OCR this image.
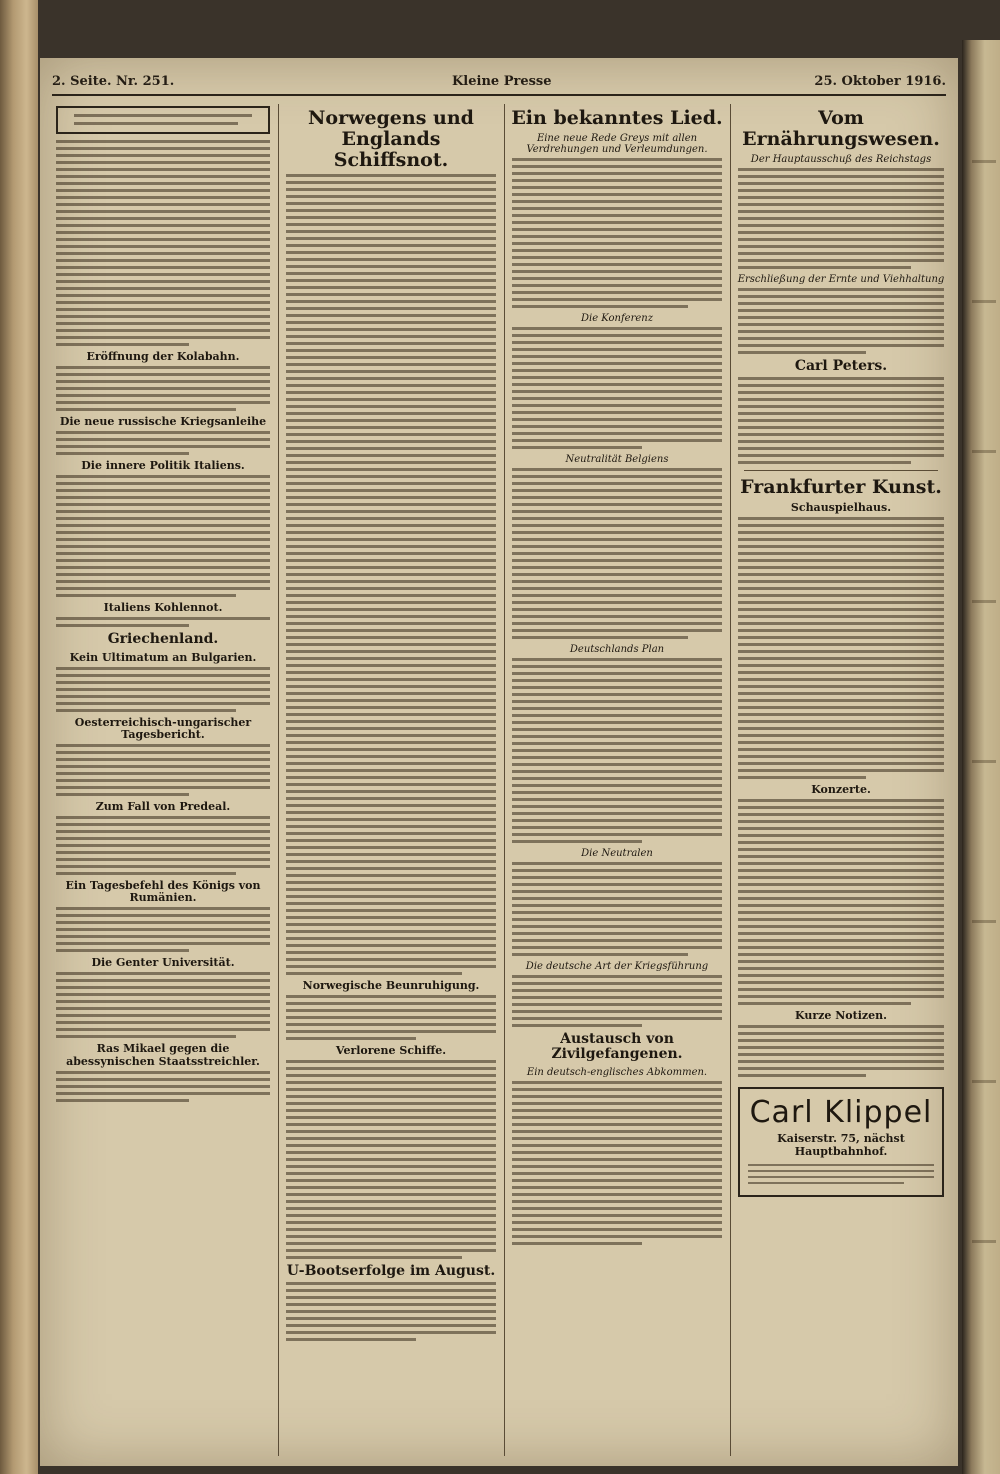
2. Seite. Nr. 251.	Kleine Presse	25. Oktober 1916.
Eröffnung der Kolabahn.
Die neue russische Kriegsanleihe
Die innere Politik Italiens.
Italiens Kohlennot.
Griechenland.
Kein Ultimatum an Bulgarien.
Oesterreichisch-ungarischer Tagesbericht.
Zum Fall von Predeal.
Ein Tagesbefehl des Königs von Rumänien.
Die Genter Universität.
Ras Mikael gegen die abessynischen Staatsstreichler.
Norwegens und Englands Schiffsnot.
Norwegische Beunruhigung.
Verlorene Schiffe.
U-Bootserfolge im August.
Ein bekanntes Lied.
Eine neue Rede Greys mit allen Verdrehungen und Verleumdungen.
Die Konferenz
Neutralität Belgiens
Deutschlands Plan
Die Neutralen
Die deutsche Art der Kriegsführung
Austausch von Zivilgefangenen.
Ein deutsch-englisches Abkommen.
Vom Ernährungswesen.
Der Hauptausschuß des Reichstags
Erschließung der Ernte und Viehhaltung
Carl Peters.
Frankfurter Kunst.
Schauspielhaus.
Konzerte.
Kurze Notizen.
Carl Klippel
Kaiserstr. 75, nächst Hauptbahnhof.
